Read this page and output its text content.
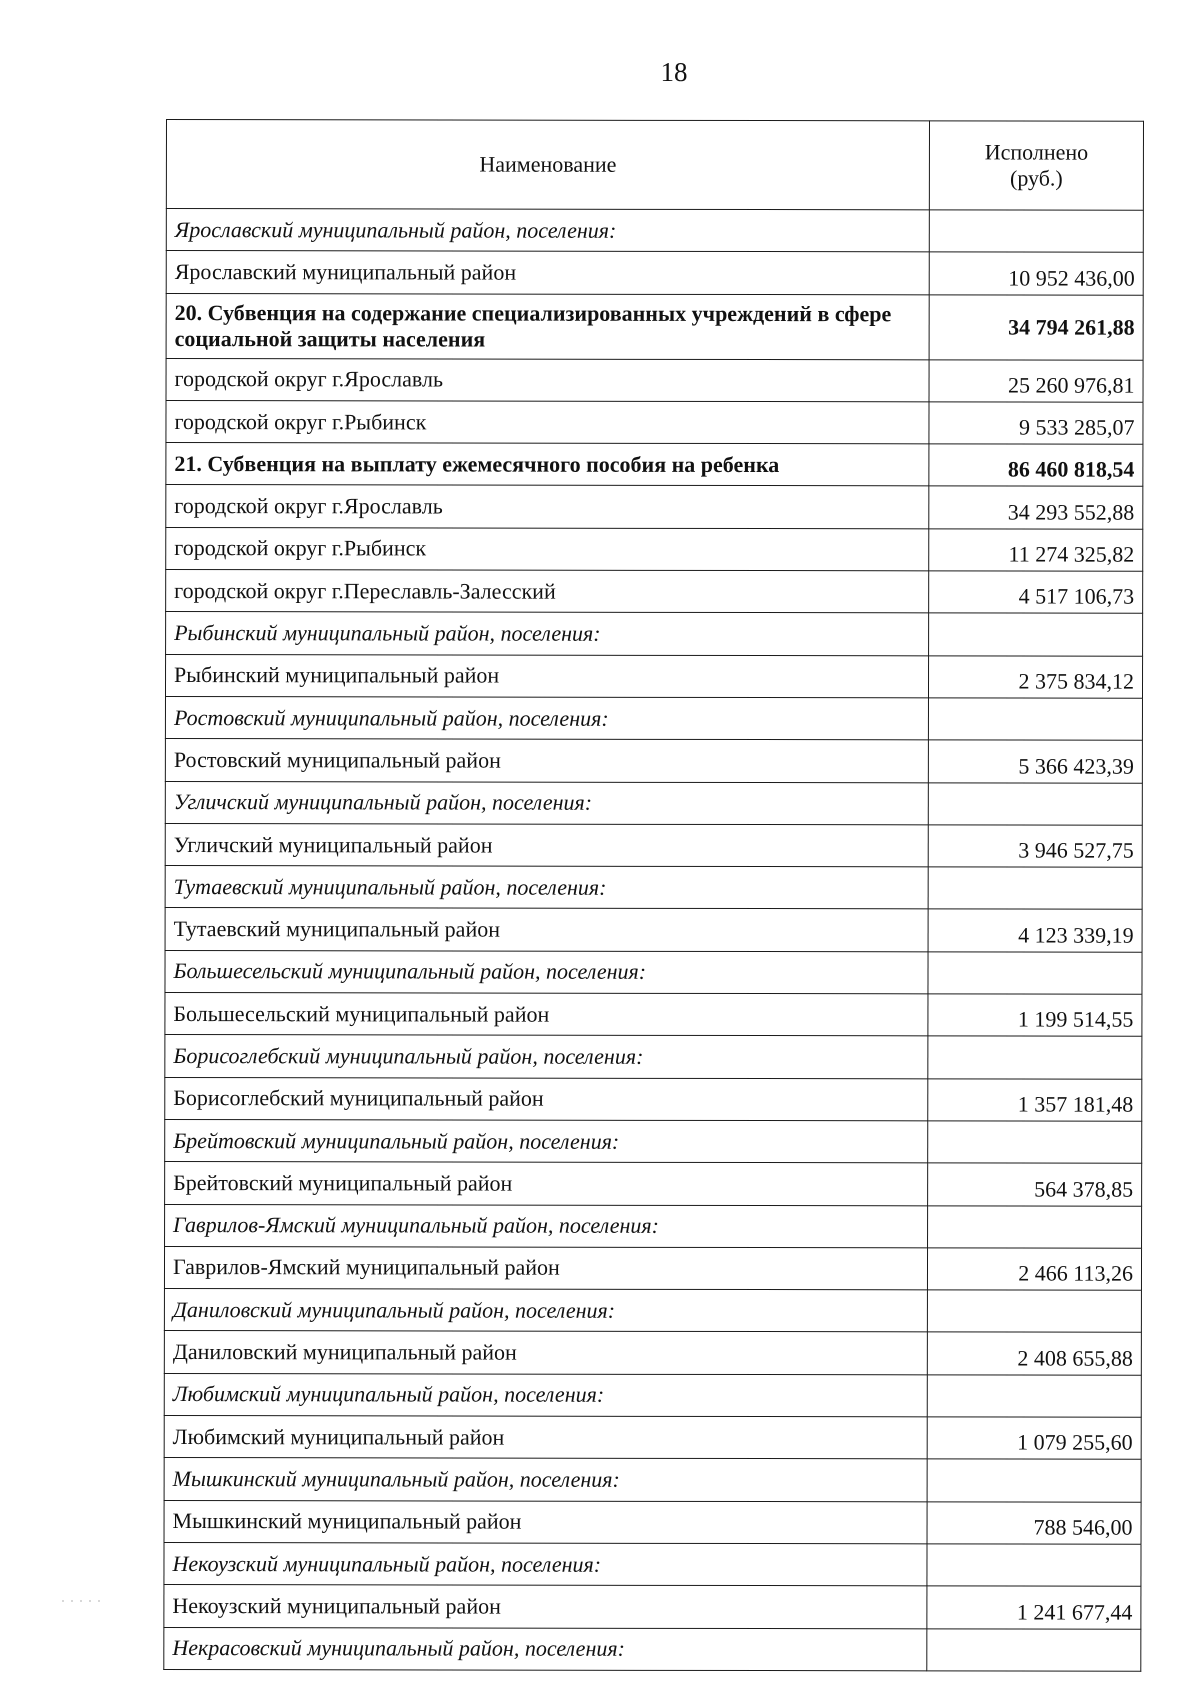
18
Наименование	Исполнено (руб.)
Ярославский муниципальный район, поселения:	
Ярославский муниципальный район	10 952 436,00
20. Субвенция на содержание специализированных учреждений в сфере социальной защиты населения	34 794 261,88
городской округ г.Ярославль	25 260 976,81
городской округ г.Рыбинск	9 533 285,07
21. Субвенция на выплату ежемесячного пособия на ребенка	86 460 818,54
городской округ г.Ярославль	34 293 552,88
городской округ г.Рыбинск	11 274 325,82
городской округ г.Переславль-Залесский	4 517 106,73
Рыбинский муниципальный район, поселения:	
Рыбинский муниципальный район	2 375 834,12
Ростовский муниципальный район, поселения:	
Ростовский муниципальный район	5 366 423,39
Угличский муниципальный район, поселения:	
Угличский муниципальный район	3 946 527,75
Тутаевский муниципальный район, поселения:	
Тутаевский муниципальный район	4 123 339,19
Большесельский муниципальный район, поселения:	
Большесельский муниципальный район	1 199 514,55
Борисоглебский муниципальный район, поселения:	
Борисоглебский муниципальный район	1 357 181,48
Брейтовский муниципальный район, поселения:	
Брейтовский муниципальный район	564 378,85
Гаврилов-Ямский муниципальный район, поселения:	
Гаврилов-Ямский муниципальный район	2 466 113,26
Даниловский муниципальный район, поселения:	
Даниловский муниципальный район	2 408 655,88
Любимский муниципальный район, поселения:	
Любимский муниципальный район	1 079 255,60
Мышкинский муниципальный район, поселения:	
Мышкинский муниципальный район	788 546,00
Некоузский муниципальный район, поселения:	
Некоузский муниципальный район	1 241 677,44
Некрасовский муниципальный район, поселения:	
